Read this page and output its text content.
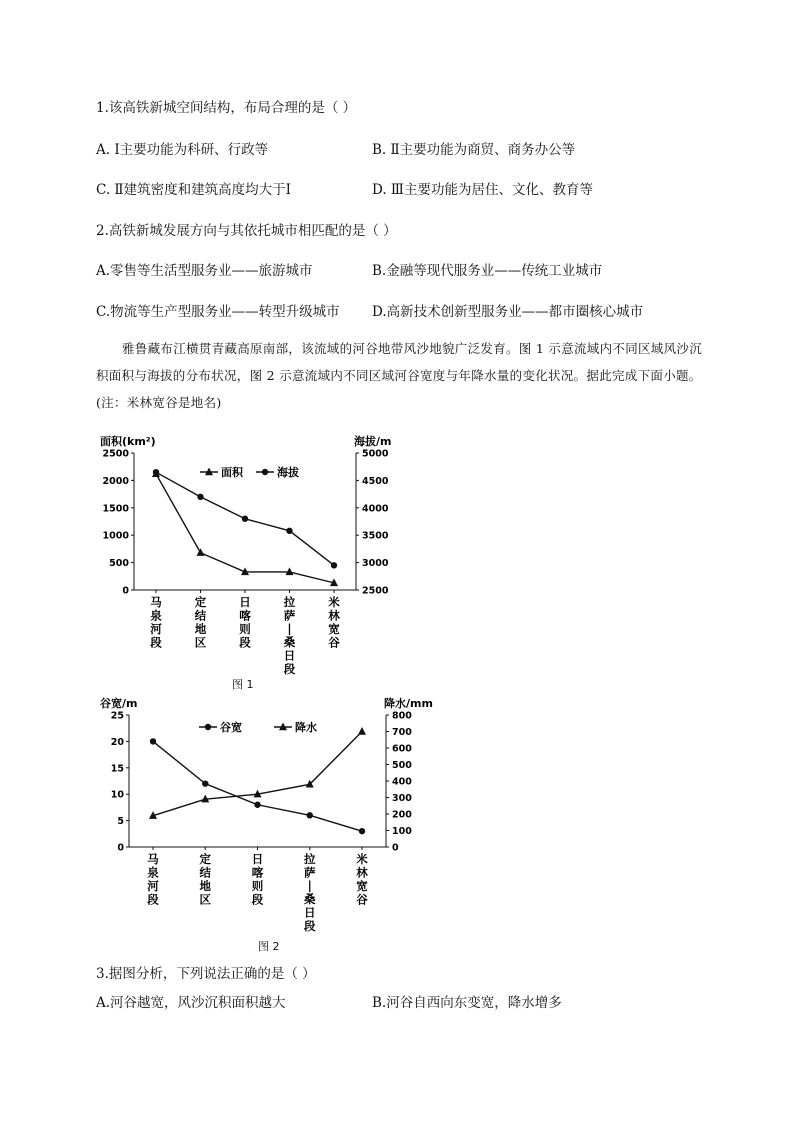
1.该高铁新城空间结构，布局合理的是（ ）
A. Ⅰ主要功能为科研、行政等	B. Ⅱ主要功能为商贸、商务办公等
C. Ⅱ建筑密度和建筑高度均大于Ⅰ	D. Ⅲ主要功能为居住、文化、教育等
2.高铁新城发展方向与其依托城市相匹配的是（ ）
A.零售等生活型服务业——旅游城市	B.金融等现代服务业——传统工业城市
C.物流等生产型服务业——转型升级城市 D.高新技术创新型服务业——都市圈核心城市
雅鲁藏布江横贯青藏高原南部，该流域的河谷地带风沙地貌广泛发育。图 1 示意流域内不同区域风沙沉积面积与海拔的分布状况，图 2 示意流域内不同区域河谷宽度与年降水量的变化状况。据此完成下面小题。(注：米林宽谷是地名)
面积(km²)	海拔/m
0
500
1000
1500
2000
2500
2500
3000
3500
4000
4500
5000
马泉河段
定结地区
日喀则段
拉萨|桑日段
米林宽谷
面积	海拔
图 1
谷宽/m	降水/mm
0
5
10
15
20
25
0
100
200
300
400
500
600
700
800
马泉河段
定结地区
日喀则段
拉萨|桑日段
米林宽谷
谷宽	降水
图 2
3.据图分析，下列说法正确的是（ ）
A.河谷越宽，风沙沉积面积越大	B.河谷自西向东变宽，降水增多
